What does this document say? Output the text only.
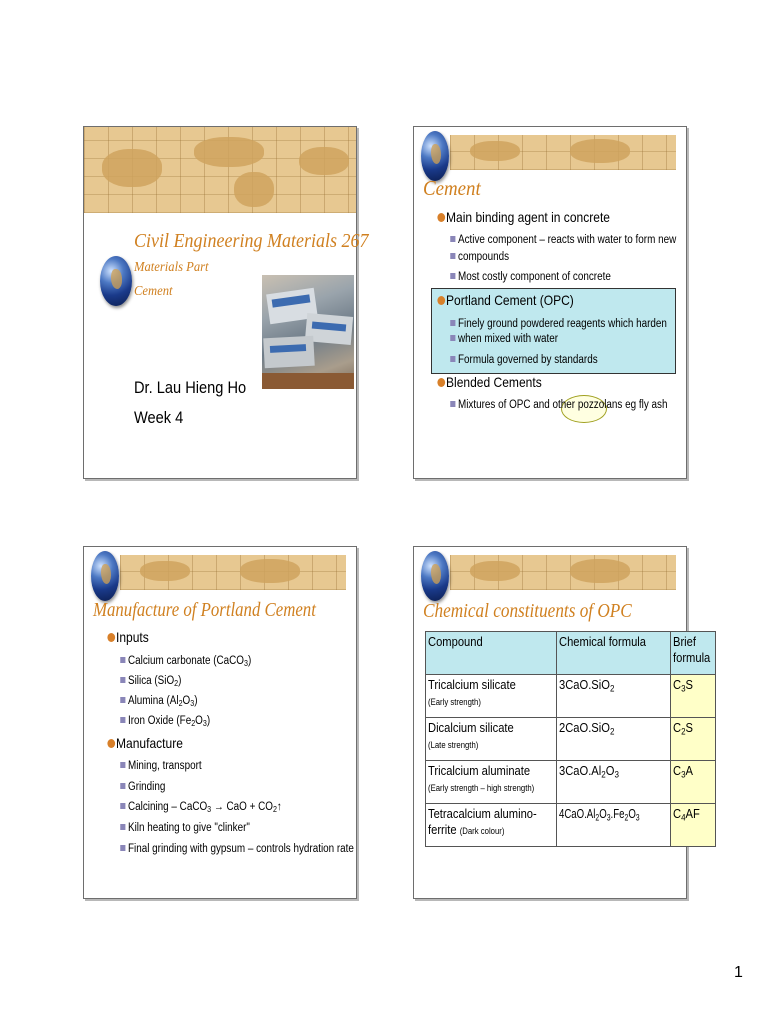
Civil Engineering Materials 267
Materials Part
Cement
Dr. Lau Hieng Ho
Week 4
Cement
Main binding agent in concrete
Active component – reacts with water to form new
compounds
Most costly component of concrete
Portland Cement (OPC)
Finely ground powdered reagents which harden
when mixed with water
Formula governed by standards
Blended Cements
Mixtures of OPC and other pozzolans eg fly ash
Manufacture of Portland Cement
Inputs
Calcium carbonate (CaCO$_3$)
Silica (SiO$_2$)
Alumina $(Al_2O_3)$
Iron Oxide $(Fe_2O_3)$
Manufacture
Mining, transport
Grinding
Calcining – CaCO$_3$ → CaO + $CO_2↑$
Kiln heating to give "clinker"
Final grinding with gypsum – controls hydration rate
Chemical constituents of OPC
Compound	Chemical formula	Brief formula
Tricalcium silicate
(Early strength)	3CaO.SiO$_2$	$C_3S$
Dicalcium silicate
(Late strength)	2CaO.SiO$_2$	$C_2S$
Tricalcium aluminate
(Early strength – high strength)	$3CaO.Al_2O_3$	$C_3A$
Tetracalcium alumino-
ferrite (Dark colour)	$4CaO.Al_2O_3.Fe_2O_3$	$C_4AF$
1
